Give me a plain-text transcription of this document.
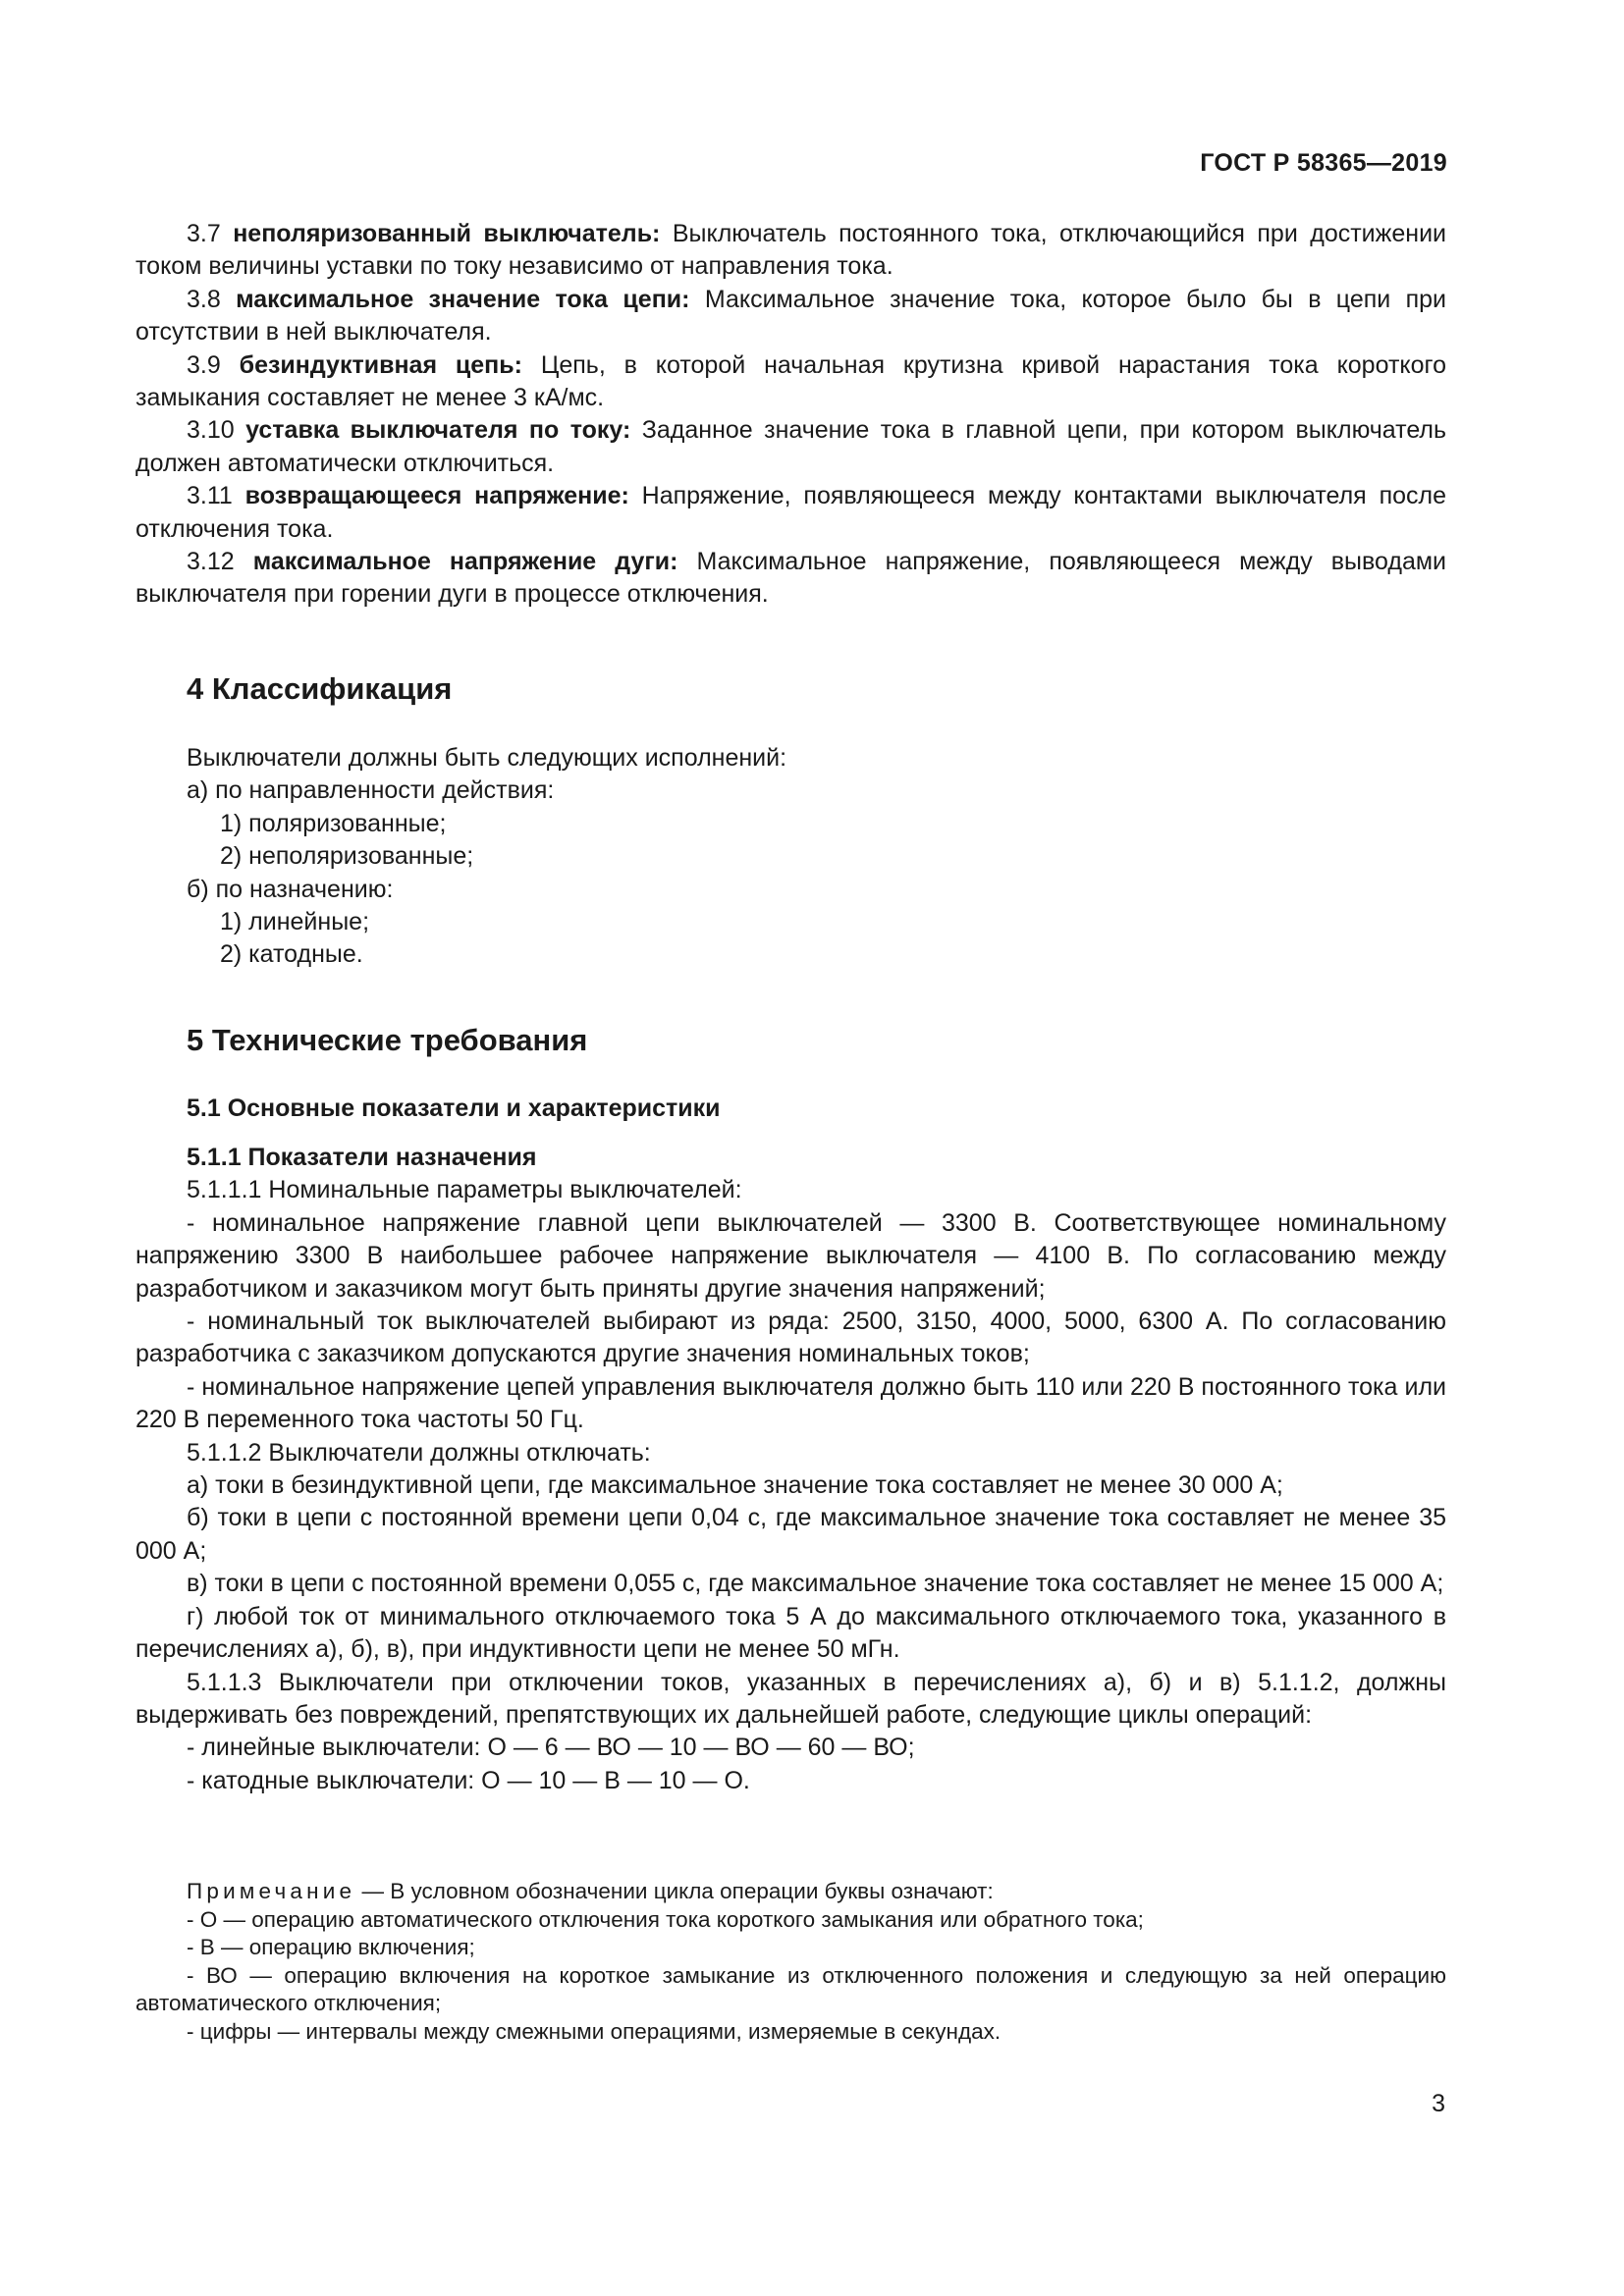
ГОСТ Р 58365—2019

3.7 неполяризованный выключатель: Выключатель постоянного тока, отключающийся при достижении током величины уставки по току независимо от направления тока.

3.8 максимальное значение тока цепи: Максимальное значение тока, которое было бы в цепи при отсутствии в ней выключателя.

3.9 безиндуктивная цепь: Цепь, в которой начальная крутизна кривой нарастания тока короткого замыкания составляет не менее 3 кА/мс.

3.10 уставка выключателя по току: Заданное значение тока в главной цепи, при котором выключатель должен автоматически отключиться.

3.11 возвращающееся напряжение: Напряжение, появляющееся между контактами выключателя после отключения тока.

3.12 максимальное напряжение дуги: Максимальное напряжение, появляющееся между выводами выключателя при горении дуги в процессе отключения.

4 Классификация

Выключатели должны быть следующих исполнений:

а) по направленности действия:

1) поляризованные;

2) неполяризованные;

б) по назначению:

1) линейные;

2) катодные.

5 Технические требования
5.1 Основные показатели и характеристики
5.1.1 Показатели назначения

5.1.1.1 Номинальные параметры выключателей:

- номинальное напряжение главной цепи выключателей — 3300 В. Соответствующее номинальному напряжению 3300 В наибольшее рабочее напряжение выключателя — 4100 В. По согласованию между разработчиком и заказчиком могут быть приняты другие значения напряжений;

- номинальный ток выключателей выбирают из ряда: 2500, 3150, 4000, 5000, 6300 А. По согласованию разработчика с заказчиком допускаются другие значения номинальных токов;

- номинальное напряжение цепей управления выключателя должно быть 110 или 220 В постоянного тока или 220 В переменного тока частоты 50 Гц.

5.1.1.2 Выключатели должны отключать:

а) токи в безиндуктивной цепи, где максимальное значение тока составляет не менее 30 000 А;

б) токи в цепи с постоянной времени цепи 0,04 с, где максимальное значение тока составляет не менее 35 000 А;

в) токи в цепи с постоянной времени 0,055 с, где максимальное значение тока составляет не менее 15 000 А;

г) любой ток от минимального отключаемого тока 5 А до максимального отключаемого тока, указанного в перечислениях а), б), в), при индуктивности цепи не менее 50 мГн.

5.1.1.3 Выключатели при отключении токов, указанных в перечислениях а), б) и в) 5.1.1.2, должны выдерживать без повреждений, препятствующих их дальнейшей работе, следующие циклы операций:

- линейные выключатели: О — 6 — ВО — 10 — ВО — 60 — ВО;

- катодные выключатели: О — 10 — В — 10 — О.

Примечание — В условном обозначении цикла операции буквы означают:

- О — операцию автоматического отключения тока короткого замыкания или обратного тока;

- В — операцию включения;

- ВО — операцию включения на короткое замыкание из отключенного положения и следующую за ней операцию автоматического отключения;

- цифры — интервалы между смежными операциями, измеряемые в секундах.

3
